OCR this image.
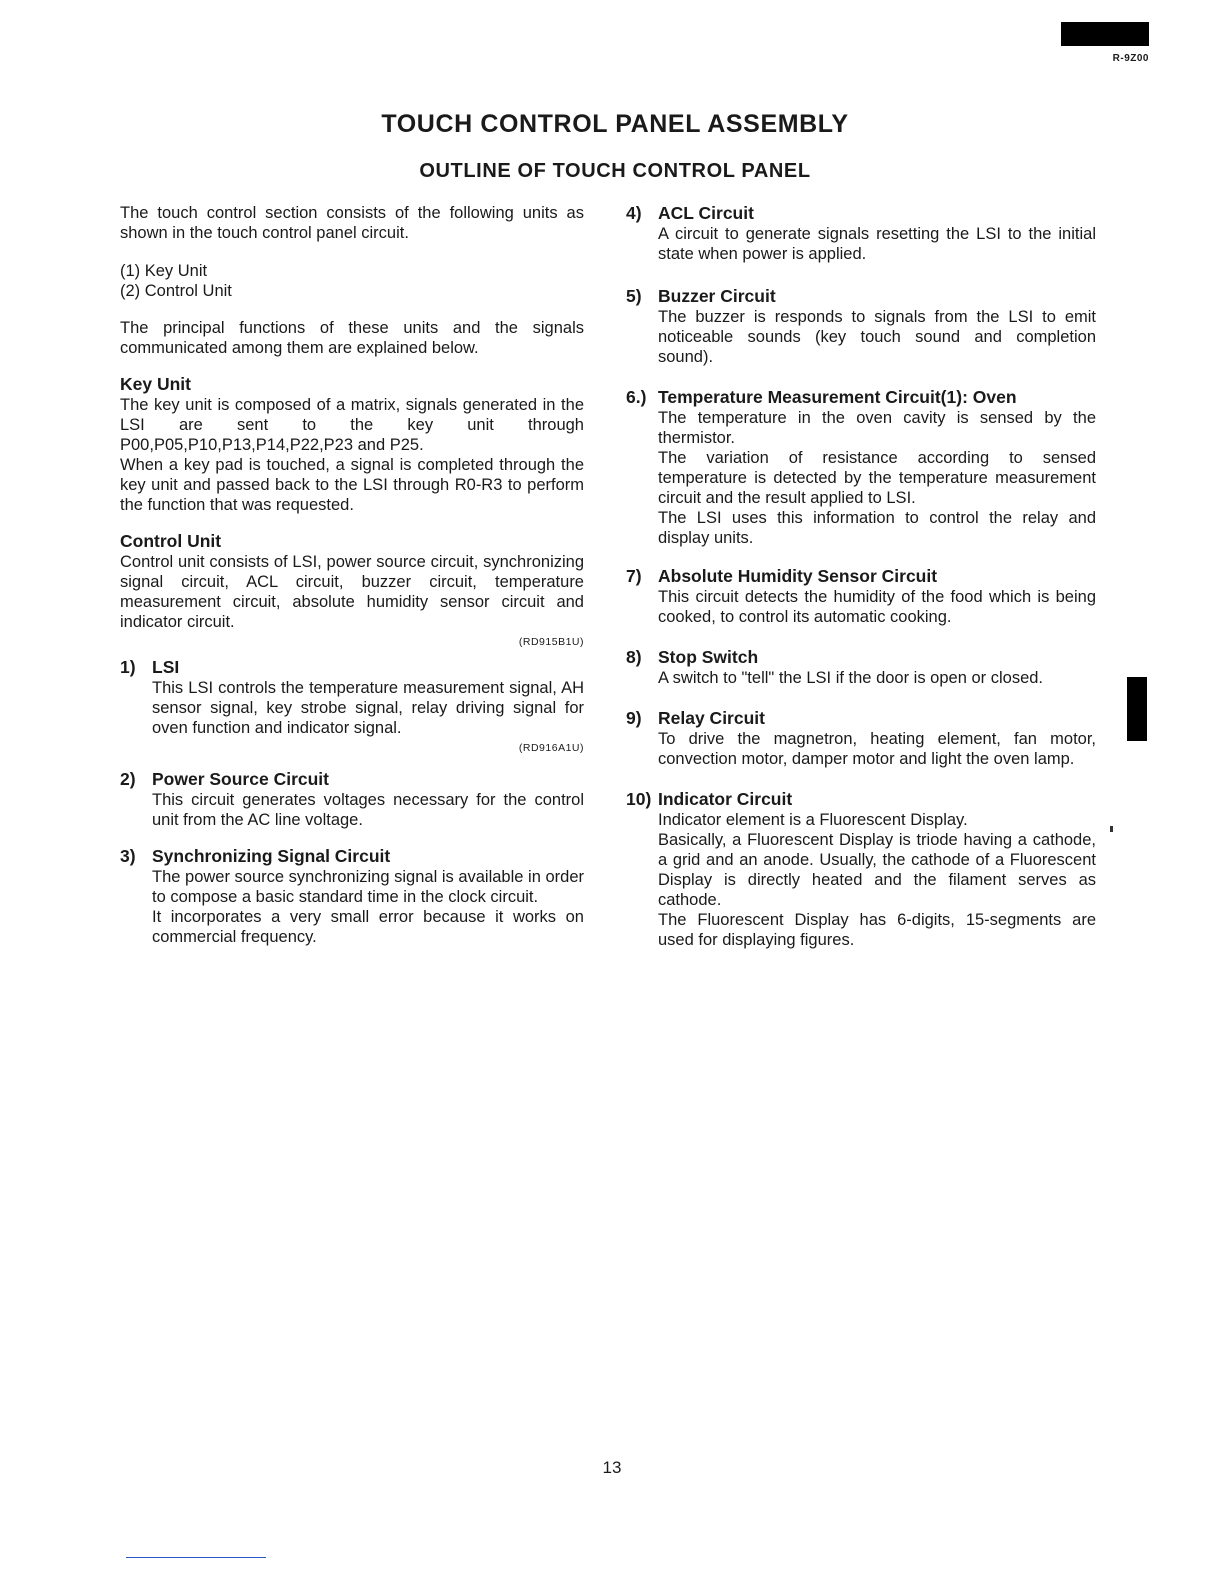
R-9Z00
TOUCH CONTROL PANEL ASSEMBLY
OUTLINE OF TOUCH CONTROL PANEL

The touch control section consists of the following units as shown in the touch control panel circuit.

(1) Key Unit

(2) Control Unit

The principal functions of these units and the signals communicated among them are explained below.

Key Unit

The key unit is composed of a matrix, signals generated in the LSI are sent to the key unit through P00,P05,P10,P13,P14,P22,P23 and P25.

When a key pad is touched, a signal is completed through the key unit and passed back to the LSI through R0-R3 to perform the function that was requested.

Control Unit

Control unit consists of LSI, power source circuit, synchronizing signal circuit, ACL circuit, buzzer circuit, temperature measurement circuit, absolute humidity sensor circuit and indicator circuit.

(RD915B1U)
1) LSI

This LSI controls the temperature measurement signal, AH sensor signal, key strobe signal, relay driving signal for oven function and indicator signal.

(RD916A1U)
2) Power Source Circuit

This circuit generates voltages necessary for the control unit from the AC line voltage.

3) Synchronizing Signal Circuit

The power source synchronizing signal is available in order to compose a basic standard time in the clock circuit.

It incorporates a very small error because it works on commercial frequency.

4) ACL Circuit

A circuit to generate signals resetting the LSI to the initial state when power is applied.

5) Buzzer Circuit

The buzzer is responds to signals from the LSI to emit noticeable sounds (key touch sound and completion sound).

6.) Temperature Measurement Circuit(1): Oven

The temperature in the oven cavity is sensed by the thermistor.

The variation of resistance according to sensed temperature is detected by the temperature measurement circuit and the result applied to LSI.

The LSI uses this information to control the relay and display units.

7) Absolute Humidity Sensor Circuit

This circuit detects the humidity of the food which is being cooked, to control its automatic cooking.

8) Stop Switch

A switch to "tell" the LSI if the door is open or closed.

9) Relay Circuit

To drive the magnetron, heating element, fan motor, convection motor, damper motor and light the oven lamp.

10) Indicator Circuit

Indicator element is a Fluorescent Display.

Basically, a Fluorescent Display is triode having a cathode, a grid and an anode. Usually, the cathode of a Fluorescent Display is directly heated and the filament serves as cathode.

The Fluorescent Display has 6-digits, 15-segments are used for displaying figures.

13
